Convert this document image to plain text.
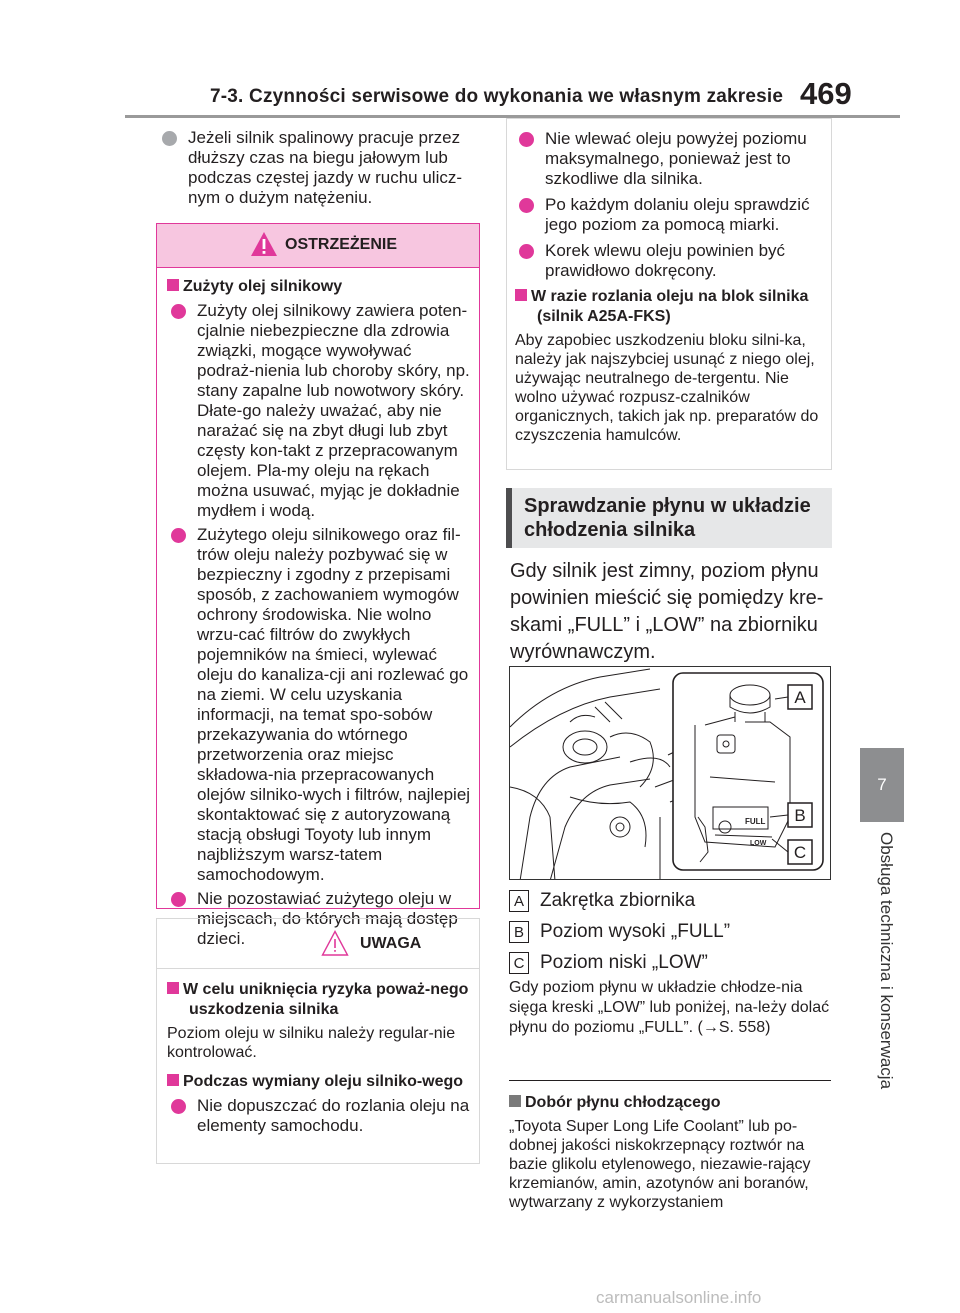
7-3. Czynności serwisowe do wykonania we własnym zakresie 469
7
Obsługa techniczna i konserwacja
Jeżeli silnik spalinowy pracuje przez dłuższy czas na biegu jałowym lub podczas częstej jazdy w ruchu ulicz-nym o dużym natężeniu.
OSTRZEŻENIE
Zużyty olej silnikowy
Zużyty olej silnikowy zawiera poten-cjalnie niebezpieczne dla zdrowia związki, mogące wywoływać podraż-nienia lub choroby skóry, np. stany zapalne lub nowotwory skóry. Dłate-go należy uważać, aby nie narażać się na zbyt długi lub zbyt częsty kon-takt z przepracowanym olejem. Pla-my oleju na rękach można usuwać, myjąc je dokładnie mydłem i wodą.
Zużytego oleju silnikowego oraz fil-trów oleju należy pozbywać się w bezpieczny i zgodny z przepisami sposób, z zachowaniem wymogów ochrony środowiska. Nie wolno wrzu-cać filtrów do zwykłych pojemników na śmieci, wylewać oleju do kanaliza-cji ani rozlewać go na ziemi. W celu uzyskania informacji, na temat spo-sobów przekazywania do wtórnego przetworzenia oraz miejsc składowa-nia przepracowanych olejów silniko-wych i filtrów, najlepiej skontaktować się z autoryzowaną stacją obsługi Toyoty lub innym najbliższym warsz-tatem samochodowym.
Nie pozostawiać zużytego oleju w miejscach, do których mają dostęp dzieci.	UWAGA
W celu uniknięcia ryzyka poważ-nego uszkodzenia silnika
Poziom oleju w silniku należy regular-nie kontrolować.
Podczas wymiany oleju silniko-wego
Nie dopuszczać do rozlania oleju na elementy samochodu.
Nie wlewać oleju powyżej poziomu maksymalnego, ponieważ jest to szkodliwe dla silnika.
Po każdym dolaniu oleju sprawdzić jego poziom za pomocą miarki.
Korek wlewu oleju powinien być prawidłowo dokręcony.
W razie rozlania oleju na blok silnika (silnik A25A-FKS)
Aby zapobiec uszkodzeniu bloku silni-ka, należy jak najszybciej usunąć z niego olej, używając neutralnego de-tergentu. Nie wolno używać rozpusz-czalników organicznych, takich jak np. preparatów do czyszczenia hamulców.
Sprawdzanie płynu w układzie chłodzenia silnika
Gdy silnik jest zimny, poziom płynu powinien mieścić się pomiędzy kre-skami „FULL” i „LOW” na zbiorniku wyrównawczym.
FULL
LOW
A
B
C
A Zakrętka zbiornika
B Poziom wysoki „FULL”
C Poziom niski „LOW”
Gdy poziom płynu w układzie chłodze-nia sięga kreski „LOW” lub poniżej, na-leży dolać płynu do poziomu „FULL”. (→S. 558)
Dobór płynu chłodzącego
„Toyota Super Long Life Coolant” lub po-dobnej jakości niskokrzepnący roztwór na bazie glikolu etylenowego, niezawie-rający krzemianów, amin, azotynów ani boranów, wytwarzany z wykorzystaniem
carmanualsonline.info
